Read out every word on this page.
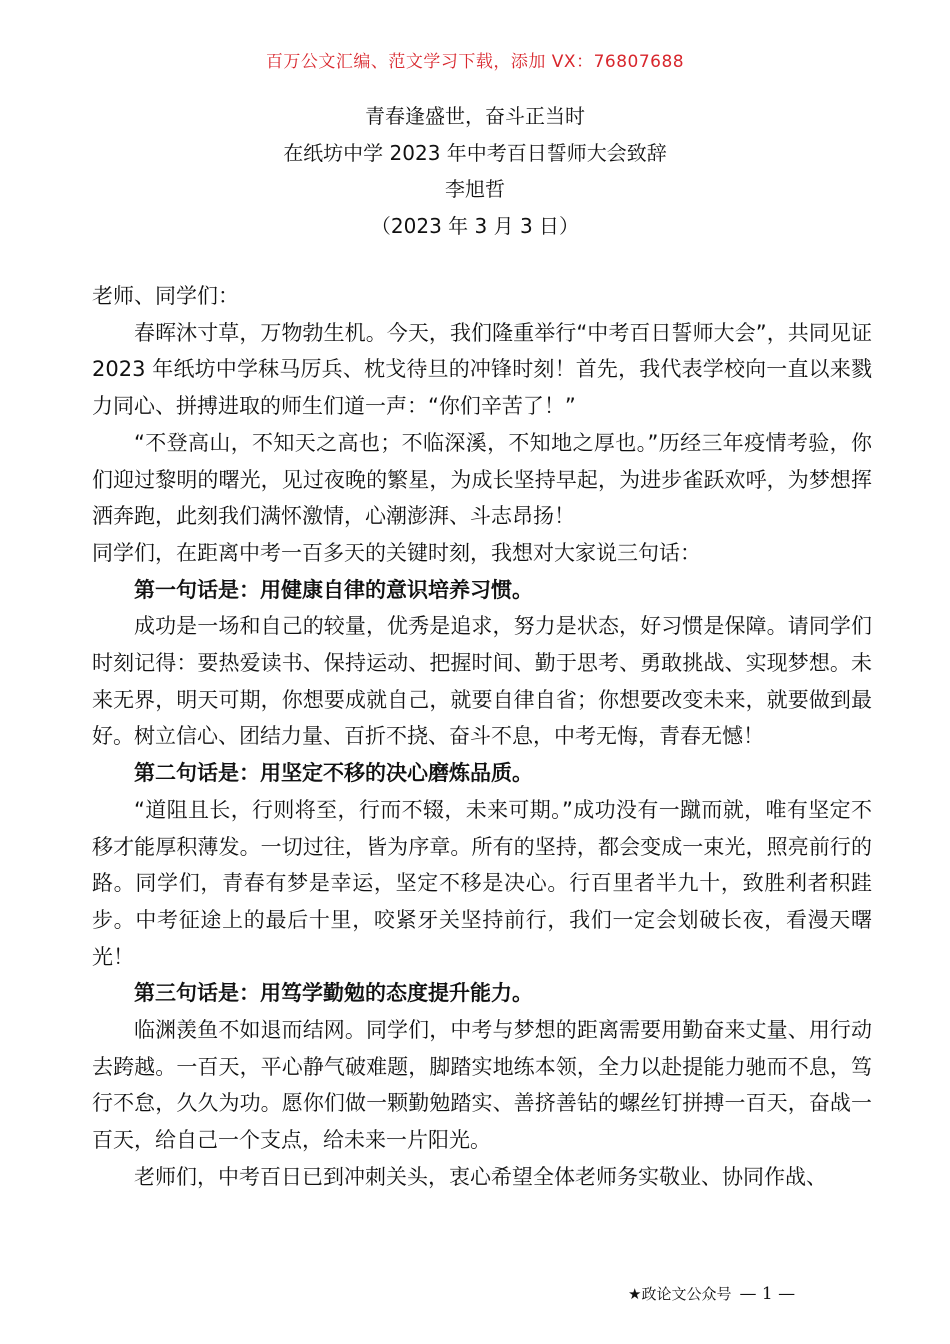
百万公文汇编、范文学习下载，添加 VX：76807688
青春逢盛世，奋斗正当时
在纸坊中学 2023 年中考百日誓师大会致辞
李旭哲
（2023 年 3 月 3 日）

老师、同学们：

春晖沐寸草，万物勃生机。今天，我们隆重举行“中考百日誓师大会”，共同见证 2023 年纸坊中学秣马厉兵、枕戈待旦的冲锋时刻！首先，我代表学校向一直以来戮力同心、拼搏进取的师生们道一声：“你们辛苦了！”

“不登高山，不知天之高也；不临深溪，不知地之厚也。”历经三年疫情考验，你们迎过黎明的曙光，见过夜晚的繁星，为成长坚持早起，为进步雀跃欢呼，为梦想挥洒奔跑，此刻我们满怀激情，心潮澎湃、斗志昂扬！

同学们，在距离中考一百多天的关键时刻，我想对大家说三句话：

第一句话是：用健康自律的意识培养习惯。

成功是一场和自己的较量，优秀是追求，努力是状态，好习惯是保障。请同学们时刻记得：要热爱读书、保持运动、把握时间、勤于思考、勇敢挑战、实现梦想。未来无界，明天可期，你想要成就自己，就要自律自省；你想要改变未来，就要做到最好。树立信心、团结力量、百折不挠、奋斗不息，中考无悔，青春无憾！

第二句话是：用坚定不移的决心磨炼品质。

“道阻且长，行则将至，行而不辍，未来可期。”成功没有一蹴而就，唯有坚定不移才能厚积薄发。一切过往，皆为序章。所有的坚持，都会变成一束光，照亮前行的路。同学们，青春有梦是幸运，坚定不移是决心。行百里者半九十，致胜利者积跬步。中考征途上的最后十里，咬紧牙关坚持前行，我们一定会划破长夜，看漫天曙光！

第三句话是：用笃学勤勉的态度提升能力。

临渊羡鱼不如退而结网。同学们，中考与梦想的距离需要用勤奋来丈量、用行动去跨越。一百天，平心静气破难题，脚踏实地练本领，全力以赴提能力驰而不息，笃行不怠，久久为功。愿你们做一颗勤勉踏实、善挤善钻的螺丝钉拼搏一百天，奋战一百天，给自己一个支点，给未来一片阳光。

老师们，中考百日已到冲刺关头，衷心希望全体老师务实敬业、协同作战、

★政论文公众号 — 1 —
